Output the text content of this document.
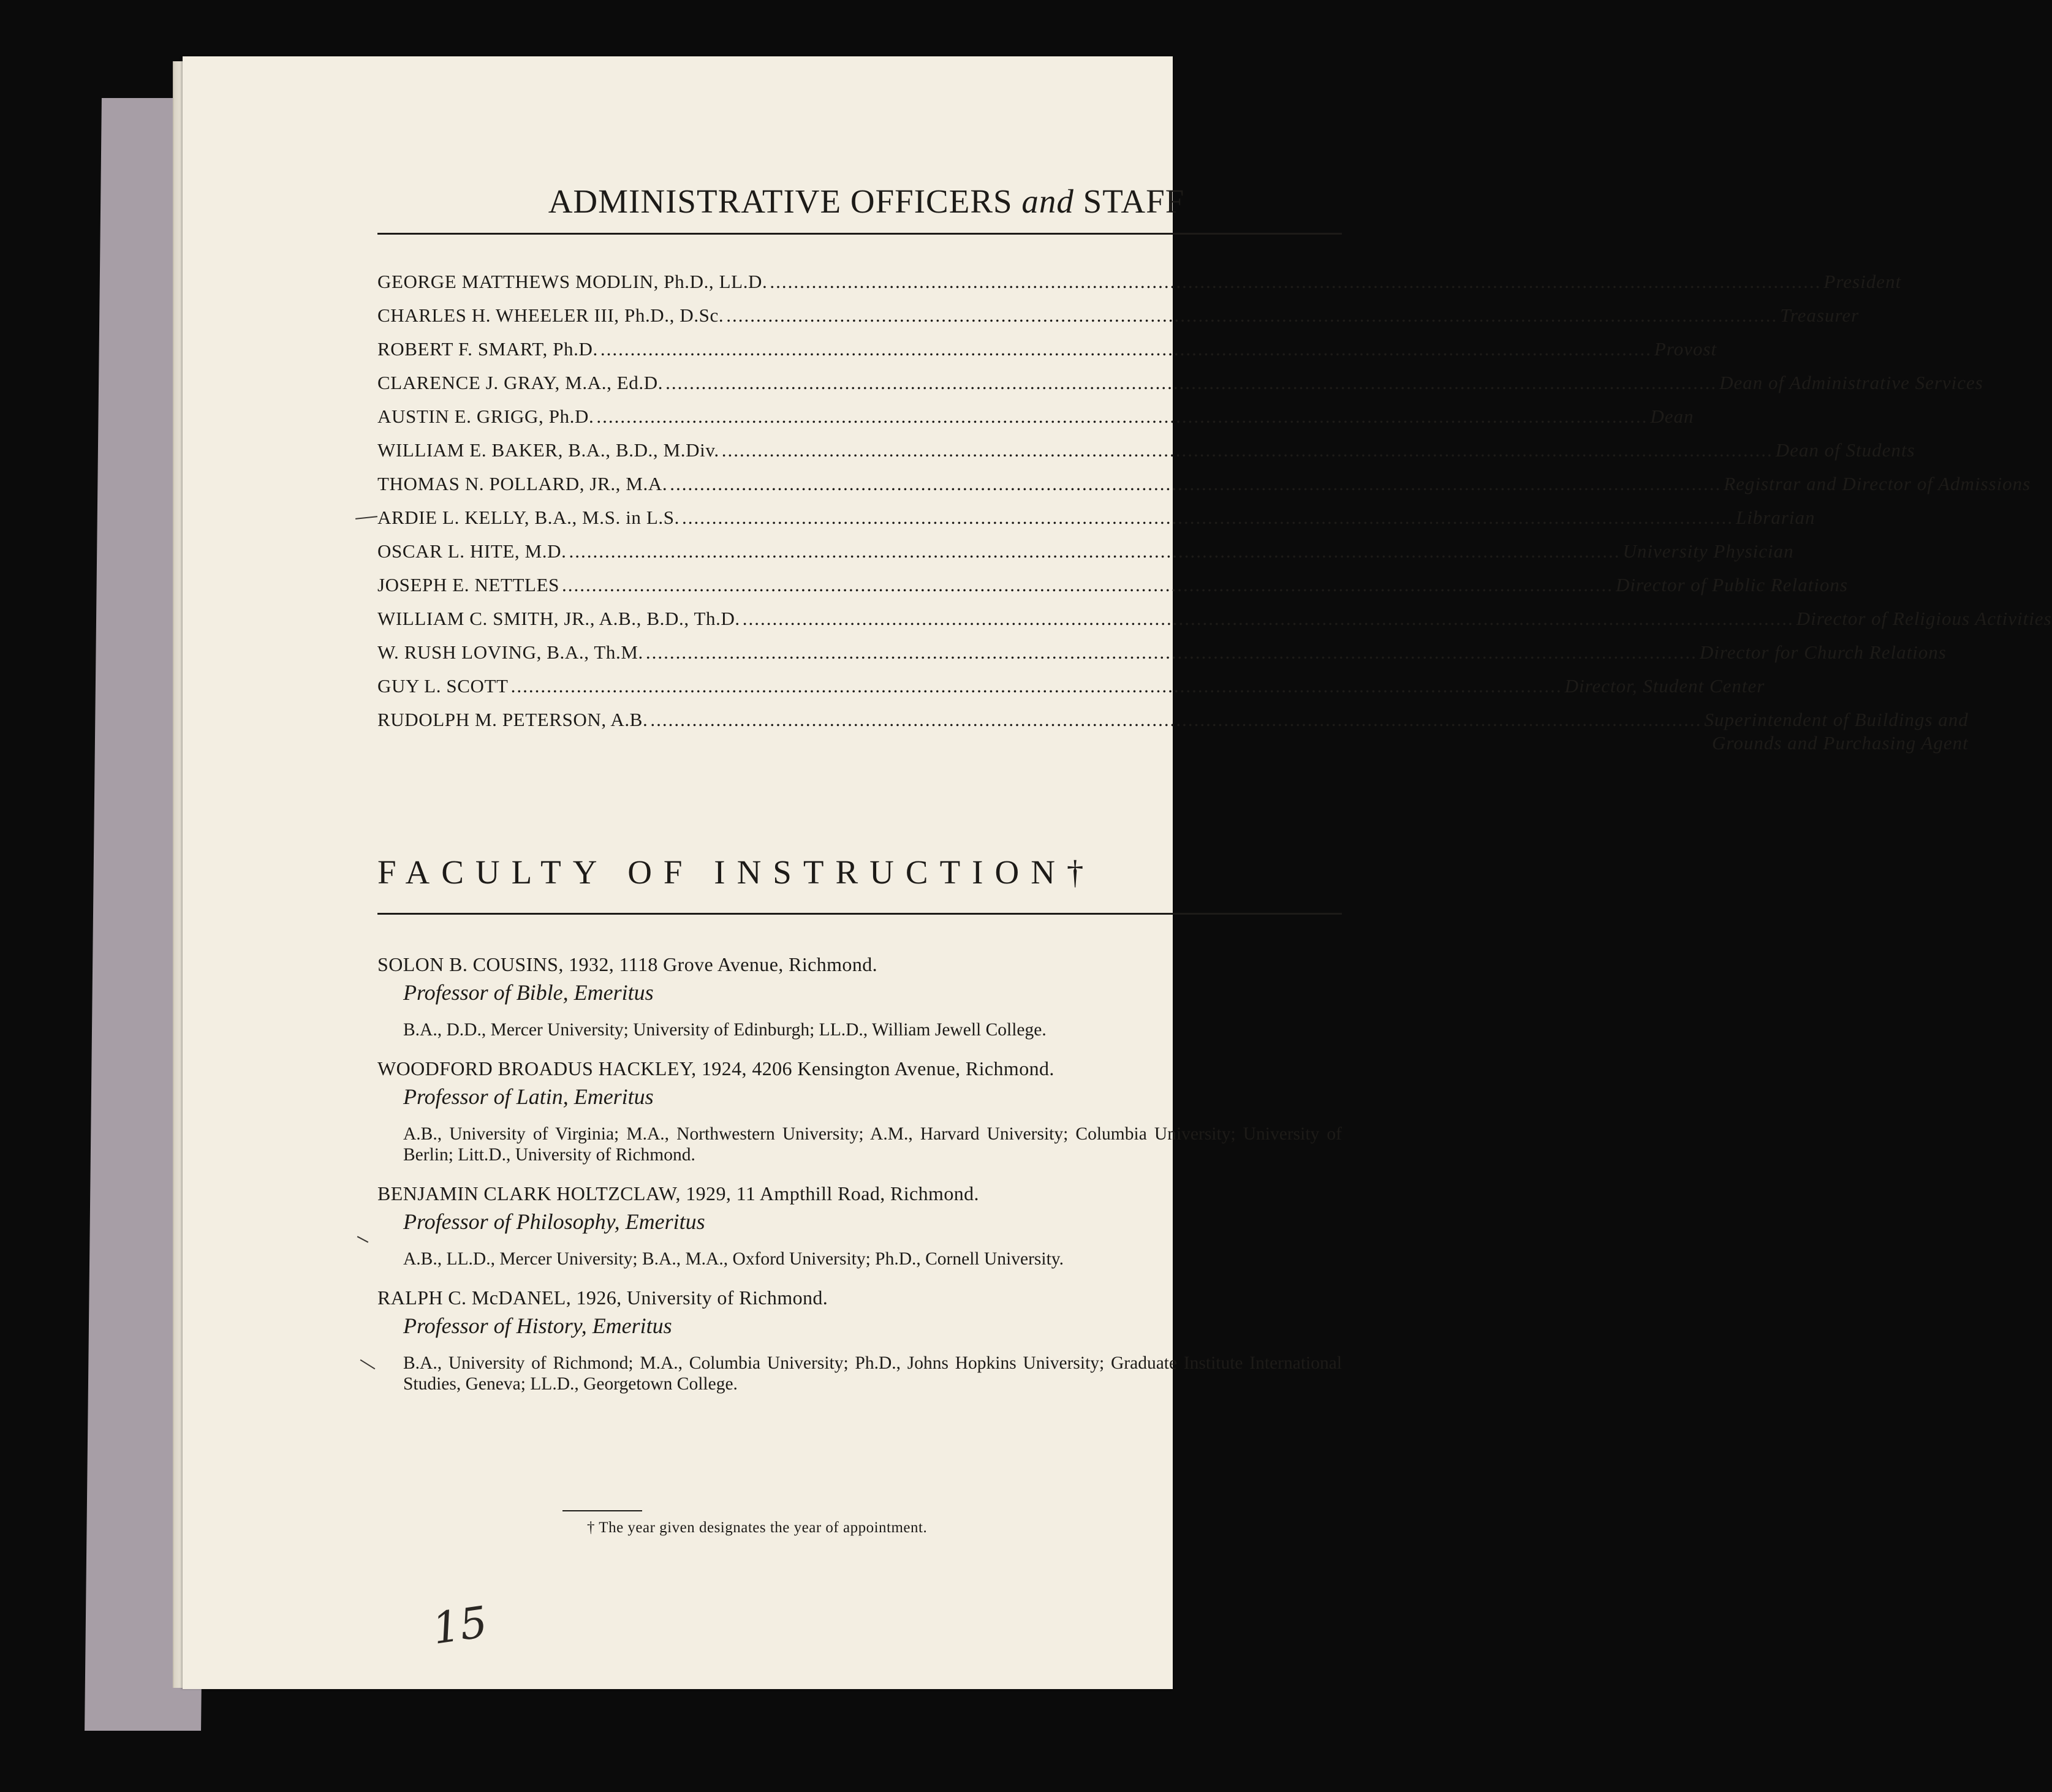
ADMINISTRATIVE OFFICERS and STAFF
GEORGE MATTHEWS MODLIN, Ph.D., LL.D. .....	President
CHARLES H. WHEELER III, Ph.D., D.Sc. .....	Treasurer
ROBERT F. SMART, Ph.D. .....	Provost
CLARENCE J. GRAY, M.A., Ed.D. .....	Dean of Administrative Services
AUSTIN E. GRIGG, Ph.D. .....	Dean
WILLIAM E. BAKER, B.A., B.D., M.Div. .....	Dean of Students
THOMAS N. POLLARD, JR., M.A. .....	Registrar and Director of Admissions
ARDIE L. KELLY, B.A., M.S. in L.S. .....	Librarian
OSCAR L. HITE, M.D. .....	University Physician
JOSEPH E. NETTLES .....	Director of Public Relations
WILLIAM C. SMITH, JR., A.B., B.D., Th.D. .....	Director of Religious Activities
W. RUSH LOVING, B.A., Th.M. .....	Director for Church Relations
GUY L. SCOTT .....	Director, Student Center
RUDOLPH M. PETERSON, A.B. .....	Superintendent of Buildings and
Grounds and Purchasing Agent
FACULTY OF INSTRUCTION†
SOLON B. COUSINS, 1932, 1118 Grove Avenue, Richmond.
Professor of Bible, Emeritus
B.A., D.D., Mercer University; University of Edinburgh; LL.D., William Jewell College.
WOODFORD BROADUS HACKLEY, 1924, 4206 Kensington Avenue, Richmond.
Professor of Latin, Emeritus
A.B., University of Virginia; M.A., Northwestern University; A.M., Harvard University; Columbia University; University of Berlin; Litt.D., University of Richmond.
BENJAMIN CLARK HOLTZCLAW, 1929, 11 Ampthill Road, Richmond.
Professor of Philosophy, Emeritus
A.B., LL.D., Mercer University; B.A., M.A., Oxford University; Ph.D., Cornell University.
RALPH C. McDANEL, 1926, University of Richmond.
Professor of History, Emeritus
B.A., University of Richmond; M.A., Columbia University; Ph.D., Johns Hopkins University; Graduate Institute International Studies, Geneva; LL.D., Georgetown College.
† The year given designates the year of appointment.
15
